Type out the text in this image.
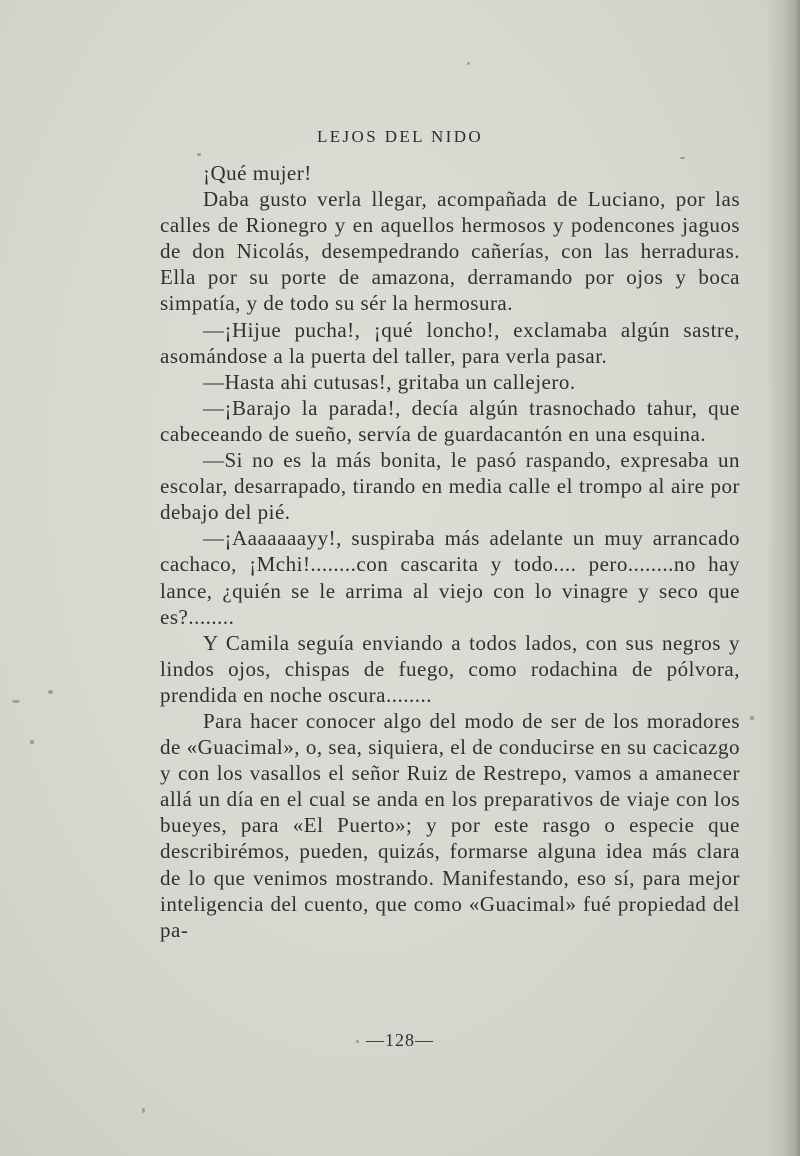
LEJOS DEL NIDO

¡Qué mujer!

Daba gusto verla llegar, acompañada de Luciano, por las calles de Rionegro y en aquellos hermosos y podencones jaguos de don Nicolás, desempedrando cañerías, con las herraduras. Ella por su porte de amazona, derramando por ojos y boca simpatía, y de todo su sér la hermosura.

—¡Hijue pucha!, ¡qué loncho!, exclamaba algún sastre, asomándose a la puerta del taller, para verla pasar.

—Hasta ahi cutusas!, gritaba un callejero.

—¡Barajo la parada!, decía algún trasnochado tahur, que cabeceando de sueño, servía de guardacantón en una esquina.

—Si no es la más bonita, le pasó raspando, expresaba un escolar, desarrapado, tirando en media calle el trompo al aire por debajo del pié.

—¡Aaaaaaayy!, suspiraba más adelante un muy arrancado cachaco, ¡Mchi!........con cascarita y todo.... pero........no hay lance, ¿quién se le arrima al viejo con lo vinagre y seco que es?........

Y Camila seguía enviando a todos lados, con sus negros y lindos ojos, chispas de fuego, como rodachina de pólvora, prendida en noche oscura........

Para hacer conocer algo del modo de ser de los moradores de «Guacimal», o, sea, siquiera, el de conducirse en su cacicazgo y con los vasallos el señor Ruiz de Restrepo, vamos a amanecer allá un día en el cual se anda en los preparativos de viaje con los bueyes, para «El Puerto»; y por este rasgo o especie que describirémos, pueden, quizás, formarse alguna idea más clara de lo que venimos mostrando. Manifestando, eso sí, para mejor inteligencia del cuento, que como «Guacimal» fué propiedad del pa-

—128—
